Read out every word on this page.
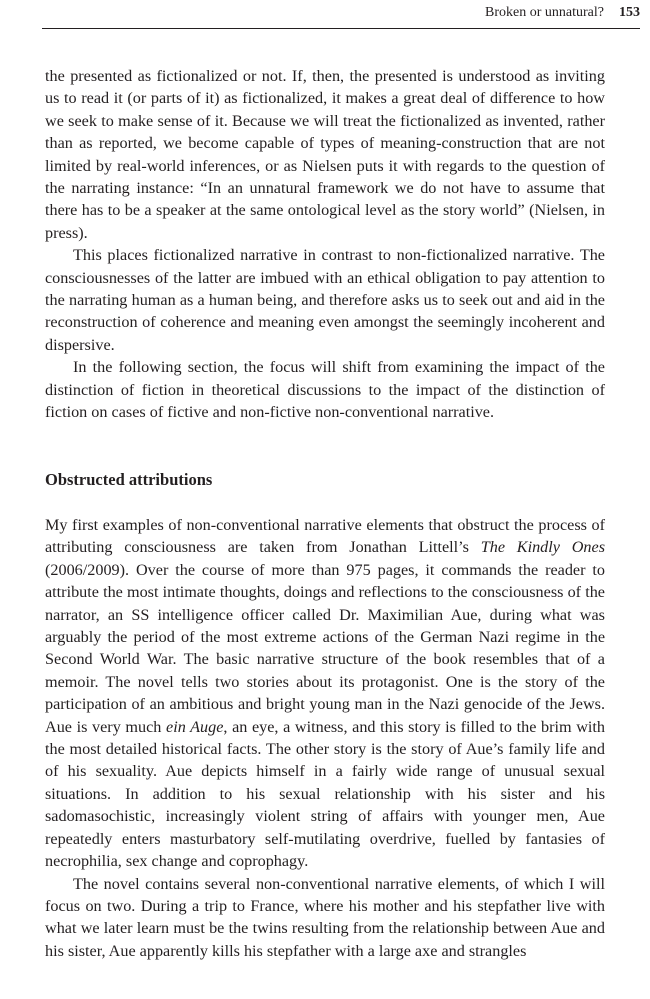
Broken or unnatural? 153

the presented as fictionalized or not. If, then, the presented is understood as inviting us to read it (or parts of it) as fictionalized, it makes a great deal of difference to how we seek to make sense of it. Because we will treat the fictionalized as invented, rather than as reported, we become capable of types of meaning-construction that are not limited by real-world inferences, or as Nielsen puts it with regards to the question of the narrating instance: “In an unnatural framework we do not have to assume that there has to be a speaker at the same ontological level as the story world” (Nielsen, in press).

This places fictionalized narrative in contrast to non-fictionalized narrative. The consciousnesses of the latter are imbued with an ethical obligation to pay attention to the narrating human as a human being, and therefore asks us to seek out and aid in the reconstruction of coherence and meaning even amongst the seemingly incoherent and dispersive.

In the following section, the focus will shift from examining the impact of the distinction of fiction in theoretical discussions to the impact of the distinction of fiction on cases of fictive and non-fictive non-conventional narrative.

Obstructed attributions

My first examples of non-conventional narrative elements that obstruct the process of attributing consciousness are taken from Jonathan Littell’s The Kindly Ones (2006/2009). Over the course of more than 975 pages, it commands the reader to attribute the most intimate thoughts, doings and reflections to the consciousness of the narrator, an SS intelligence officer called Dr. Maximilian Aue, during what was arguably the period of the most extreme actions of the German Nazi regime in the Second World War. The basic narrative structure of the book resembles that of a memoir. The novel tells two stories about its protagonist. One is the story of the participation of an ambitious and bright young man in the Nazi genocide of the Jews. Aue is very much ein Auge, an eye, a witness, and this story is filled to the brim with the most detailed historical facts. The other story is the story of Aue’s family life and of his sexuality. Aue depicts himself in a fairly wide range of unusual sexual situations. In addition to his sexual relationship with his sister and his sadomasochistic, increasingly violent string of affairs with younger men, Aue repeatedly enters masturbatory self-mutilating overdrive, fuelled by fantasies of necrophilia, sex change and coprophagy.

The novel contains several non-conventional narrative elements, of which I will focus on two. During a trip to France, where his mother and his stepfather live with what we later learn must be the twins resulting from the relationship between Aue and his sister, Aue apparently kills his stepfather with a large axe and strangles
